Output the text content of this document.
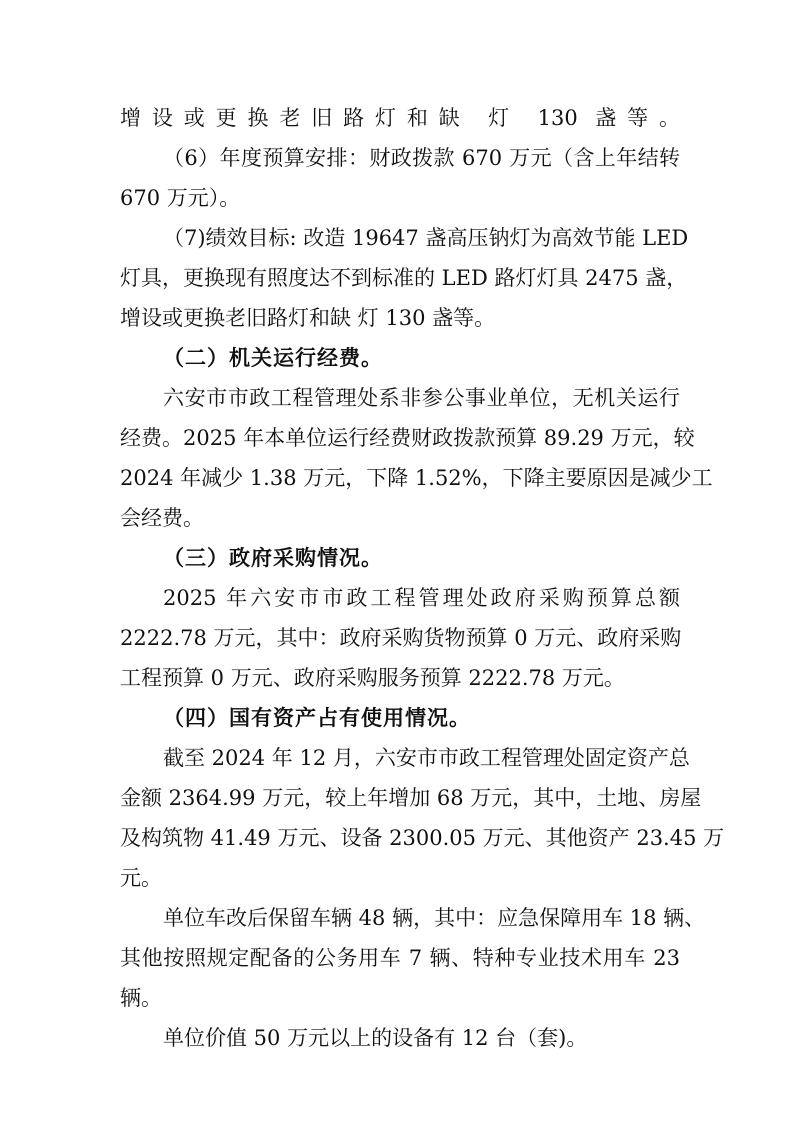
增设或更换老旧路灯和缺 灯 130 盏等。
（6）年度预算安排：财政拨款 670 万元（含上年结转
670 万元）。
（7)绩效目标: 改造 19647 盏高压钠灯为高效节能 LED
灯具，更换现有照度达不到标准的 LED 路灯灯具 2475 盏，
增设或更换老旧路灯和缺 灯 130 盏等。
（二）机关运行经费。
六安市市政工程管理处系非参公事业单位，无机关运行
经费。2025 年本单位运行经费财政拨款预算 89.29 万元，较
2024 年减少 1.38 万元，下降 1.52%，下降主要原因是减少工
会经费。
（三）政府采购情况。
2025 年六安市市政工程管理处政府采购预算总额
2222.78 万元，其中：政府采购货物预算 0 万元、政府采购
工程预算 0 万元、政府采购服务预算 2222.78 万元。
（四）国有资产占有使用情况。
截至 2024 年 12 月，六安市市政工程管理处固定资产总
金额 2364.99 万元，较上年增加 68 万元，其中，土地、房屋
及构筑物 41.49 万元、设备 2300.05 万元、其他资产 23.45 万
元。
单位车改后保留车辆 48 辆，其中：应急保障用车 18 辆、
其他按照规定配备的公务用车 7 辆、特种专业技术用车 23
辆。
单位价值 50 万元以上的设备有 12 台（套)。
